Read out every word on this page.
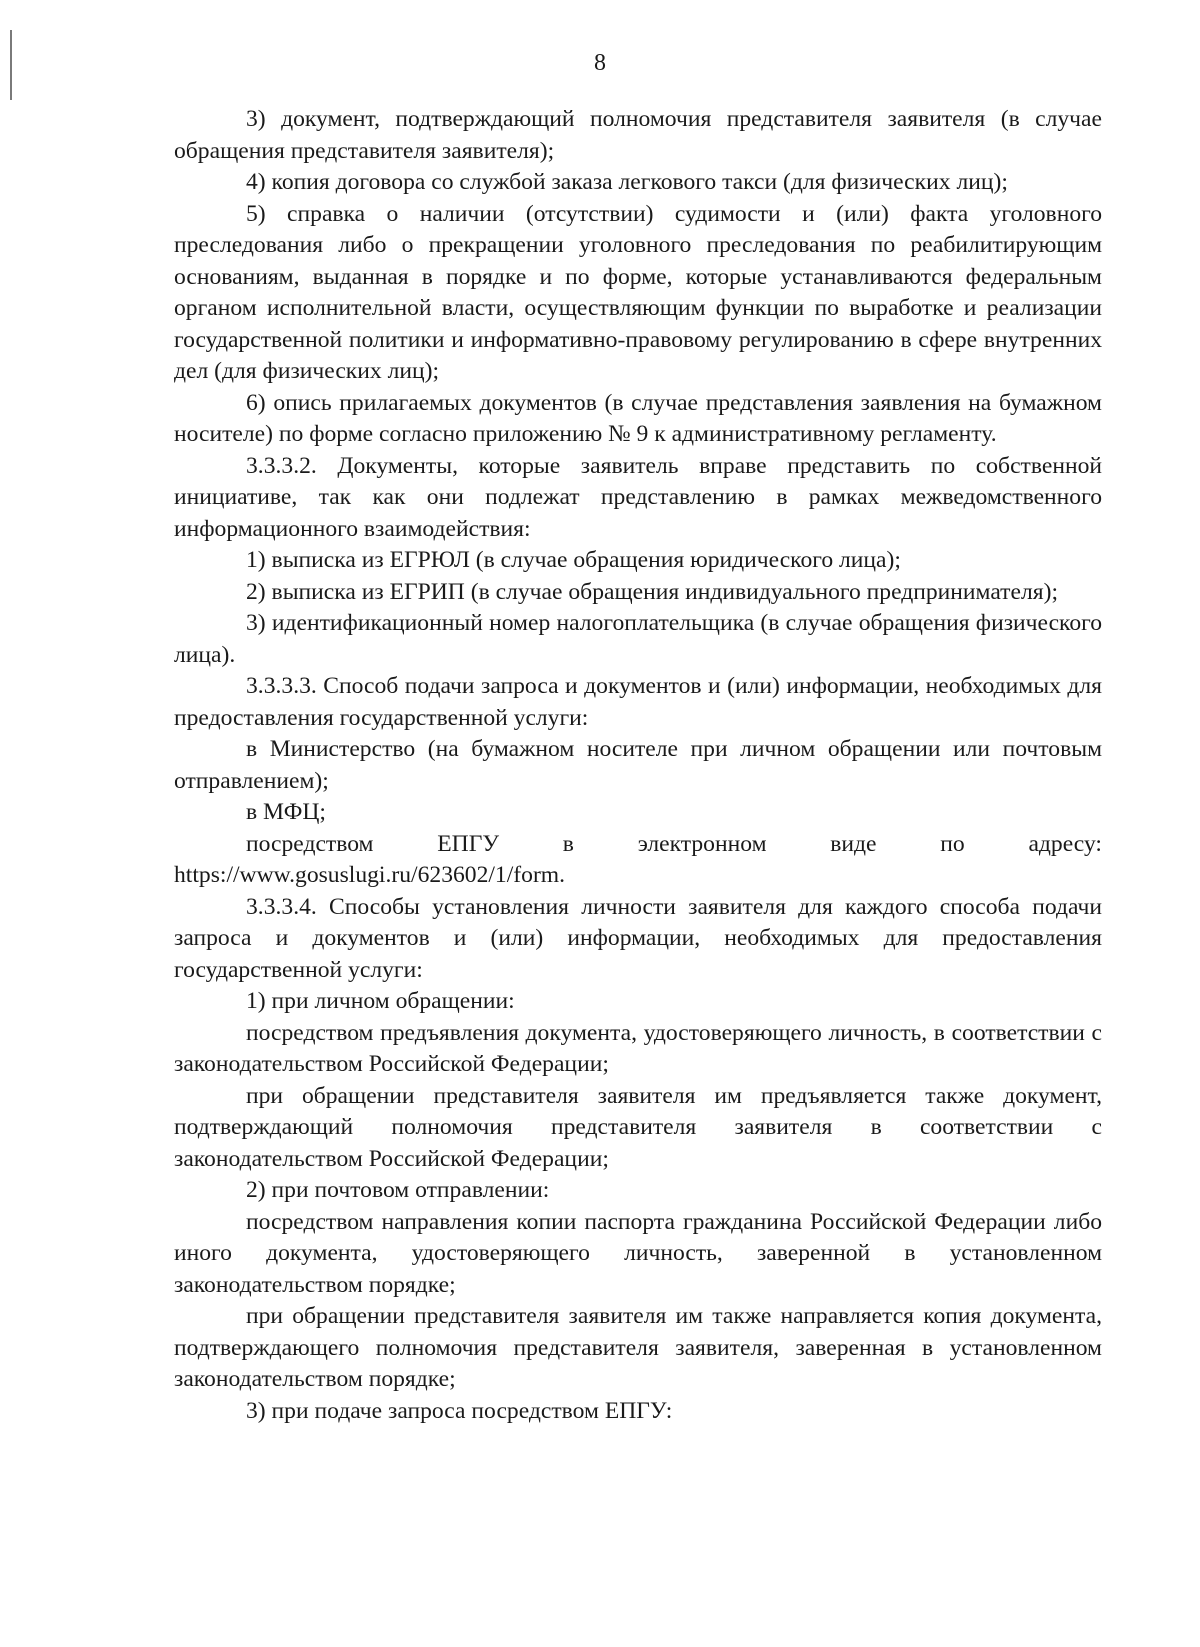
8

3) документ, подтверждающий полномочия представителя заявителя (в случае обращения представителя заявителя);

4) копия договора со службой заказа легкового такси (для физических лиц);

5) справка о наличии (отсутствии) судимости и (или) факта уголовного преследования либо о прекращении уголовного преследования по реабилитирующим основаниям, выданная в порядке и по форме, которые устанавливаются федеральным органом исполнительной власти, осуществляющим функции по выработке и реализации государственной политики и информативно-правовому регулированию в сфере внутренних дел (для физических лиц);

6) опись прилагаемых документов (в случае представления заявления на бумажном носителе) по форме согласно приложению № 9 к административному регламенту.

3.3.3.2. Документы, которые заявитель вправе представить по собственной инициативе, так как они подлежат представлению в рамках межведомственного информационного взаимодействия:

1) выписка из ЕГРЮЛ (в случае обращения юридического лица);

2) выписка из ЕГРИП (в случае обращения индивидуального предпринимателя);

3) идентификационный номер налогоплательщика (в случае обращения физического лица).

3.3.3.3. Способ подачи запроса и документов и (или) информации, необходимых для предоставления государственной услуги:

в Министерство (на бумажном носителе при личном обращении или почтовым отправлением);

в МФЦ;

посредством ЕПГУ в электронном виде по адресу: https://www.gosuslugi.ru/623602/1/form.

3.3.3.4. Способы установления личности заявителя для каждого способа подачи запроса и документов и (или) информации, необходимых для предоставления государственной услуги:

1) при личном обращении:

посредством предъявления документа, удостоверяющего личность, в соответствии с законодательством Российской Федерации;

при обращении представителя заявителя им предъявляется также документ, подтверждающий полномочия представителя заявителя в соответствии с законодательством Российской Федерации;

2) при почтовом отправлении:

посредством направления копии паспорта гражданина Российской Федерации либо иного документа, удостоверяющего личность, заверенной в установленном законодательством порядке;

при обращении представителя заявителя им также направляется копия документа, подтверждающего полномочия представителя заявителя, заверенная в установленном законодательством порядке;

3) при подаче запроса посредством ЕПГУ:
